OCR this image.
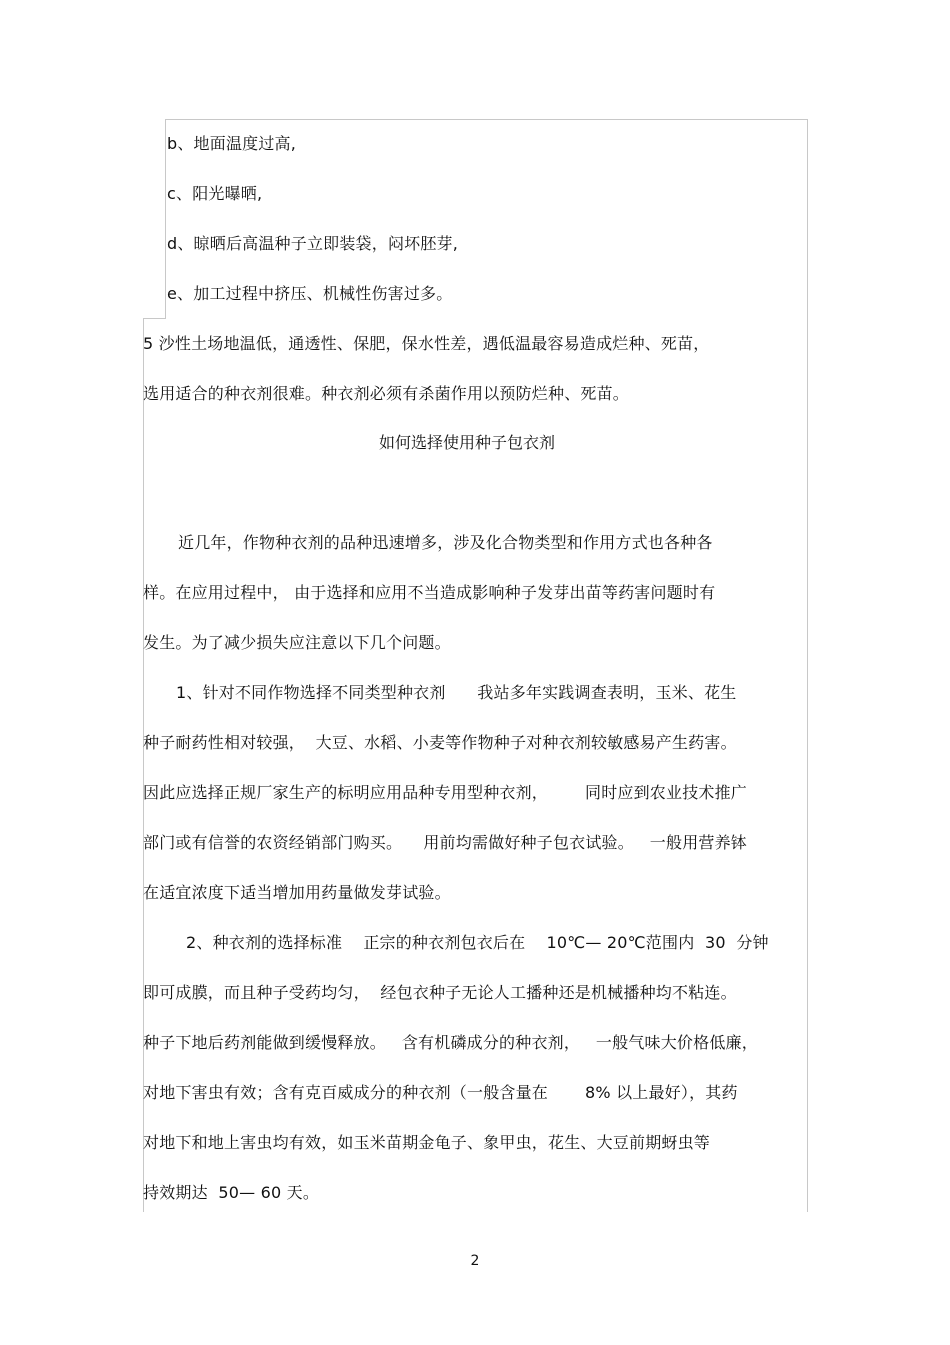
b、地面温度过高,
c、阳光曝晒,
d、晾晒后高温种子立即装袋，闷坏胚芽,
e、加工过程中挤压、机械性伤害过多。
5 沙性土场地温低，通透性、保肥，保水性差，遇低温最容易造成烂种、死苗，
选用适合的种衣剂很难。种衣剂必须有杀菌作用以预防烂种、死苗。
如何选择使用种子包衣剂
近几年，作物种衣剂的品种迅速增多，涉及化合物类型和作用方式也各种各
样。在应用过程中， 由于选择和应用不当造成影响种子发芽出苗等药害问题时有
发生。为了减少损失应注意以下几个问题。
1、针对不同作物选择不同类型种衣剂      我站多年实践调查表明，玉米、花生
种子耐药性相对较强，  大豆、水稻、小麦等作物种子对种衣剂较敏感易产生药害。
因此应选择正规厂家生产的标明应用品种专用型种衣剂，       同时应到农业技术推广
部门或有信誉的农资经销部门购买。    用前均需做好种子包衣试验。   一般用营养钵
在适宜浓度下适当增加用药量做发芽试验。
2、种衣剂的选择标准    正宗的种衣剂包衣后在    10℃— 20℃范围内  30  分钟
即可成膜，而且种子受药均匀，  经包衣种子无论人工播种还是机械播种均不粘连。
种子下地后药剂能做到缓慢释放。   含有机磷成分的种衣剂，   一般气味大价格低廉，
对地下害虫有效；含有克百威成分的种衣剂（一般含量在       8% 以上最好），其药
对地下和地上害虫均有效，如玉米苗期金龟子、象甲虫，花生、大豆前期蚜虫等
持效期达  50— 60 天。
2
